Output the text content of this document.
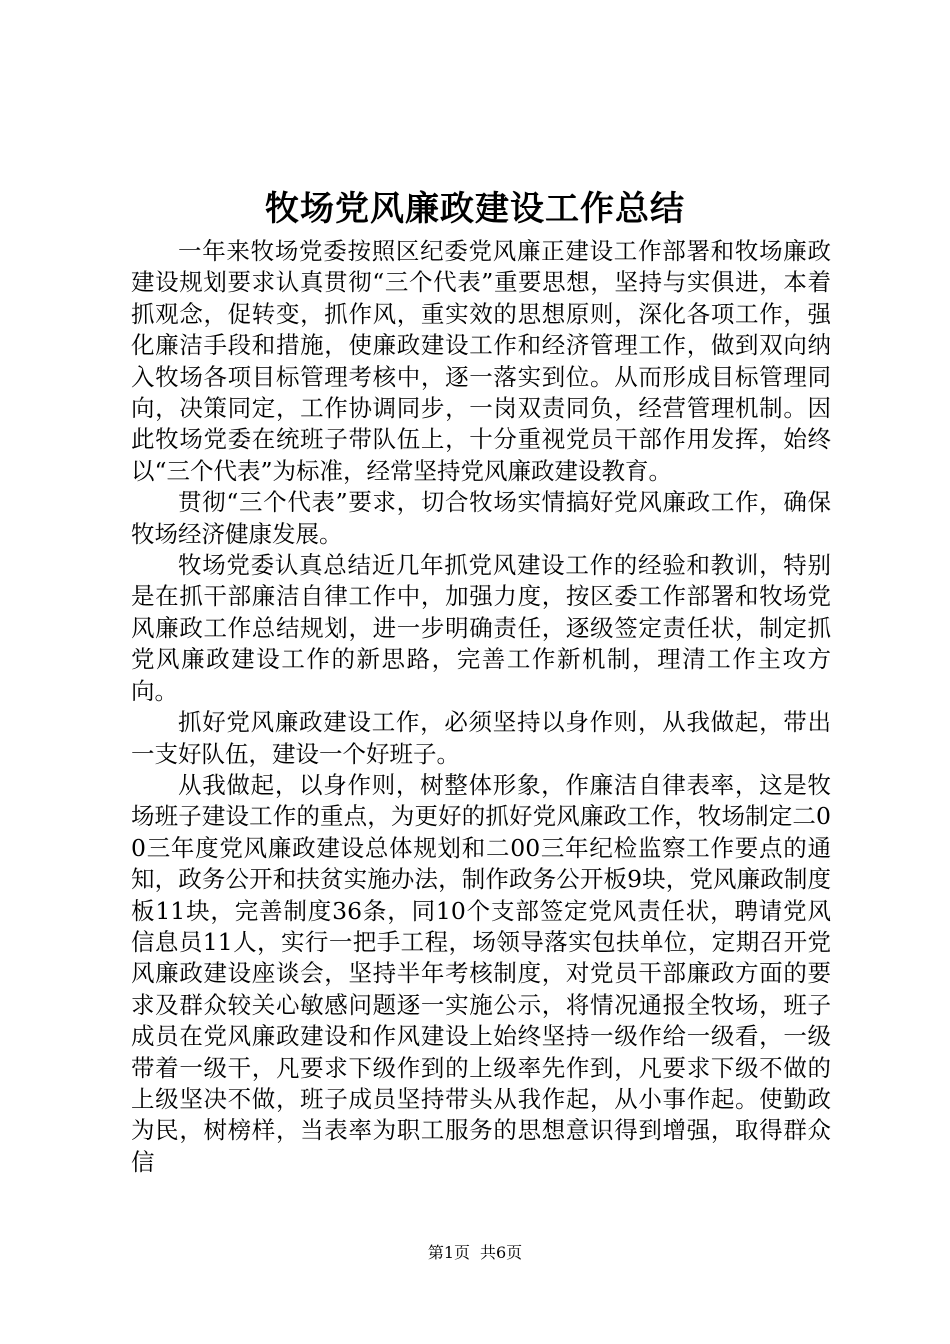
牧场党风廉政建设工作总结

一年来牧场党委按照区纪委党风廉正建设工作部署和牧场廉政建设规划要求认真贯彻“三个代表”重要思想，坚持与实俱进，本着抓观念，促转变，抓作风，重实效的思想原则，深化各项工作，强化廉洁手段和措施，使廉政建设工作和经济管理工作，做到双向纳入牧场各项目标管理考核中，逐一落实到位。从而形成目标管理同向，决策同定，工作协调同步，一岗双责同负，经营管理机制。因此牧场党委在统班子带队伍上，十分重视党员干部作用发挥，始终以“三个代表”为标准，经常坚持党风廉政建设教育。

贯彻“三个代表”要求，切合牧场实情搞好党风廉政工作，确保牧场经济健康发展。

牧场党委认真总结近几年抓党风建设工作的经验和教训，特别是在抓干部廉洁自律工作中，加强力度，按区委工作部署和牧场党风廉政工作总结规划，进一步明确责任，逐级签定责任状，制定抓党风廉政建设工作的新思路，完善工作新机制，理清工作主攻方向。

抓好党风廉政建设工作，必须坚持以身作则，从我做起，带出一支好队伍，建设一个好班子。

从我做起，以身作则，树整体形象，作廉洁自律表率，这是牧场班子建设工作的重点，为更好的抓好党风廉政工作，牧场制定二00三年度党风廉政建设总体规划和二00三年纪检监察工作要点的通知，政务公开和扶贫实施办法，制作政务公开板9块，党风廉政制度板11块，完善制度36条，同10个支部签定党风责任状，聘请党风信息员11人，实行一把手工程，场领导落实包扶单位，定期召开党风廉政建设座谈会，坚持半年考核制度，对党员干部廉政方面的要求及群众较关心敏感问题逐一实施公示，将情况通报全牧场，班子成员在党风廉政建设和作风建设上始终坚持一级作给一级看，一级带着一级干，凡要求下级作到的上级率先作到，凡要求下级不做的上级坚决不做，班子成员坚持带头从我作起，从小事作起。使勤政为民，树榜样，当表率为职工服务的思想意识得到增强，取得群众信

第1页 共6页
